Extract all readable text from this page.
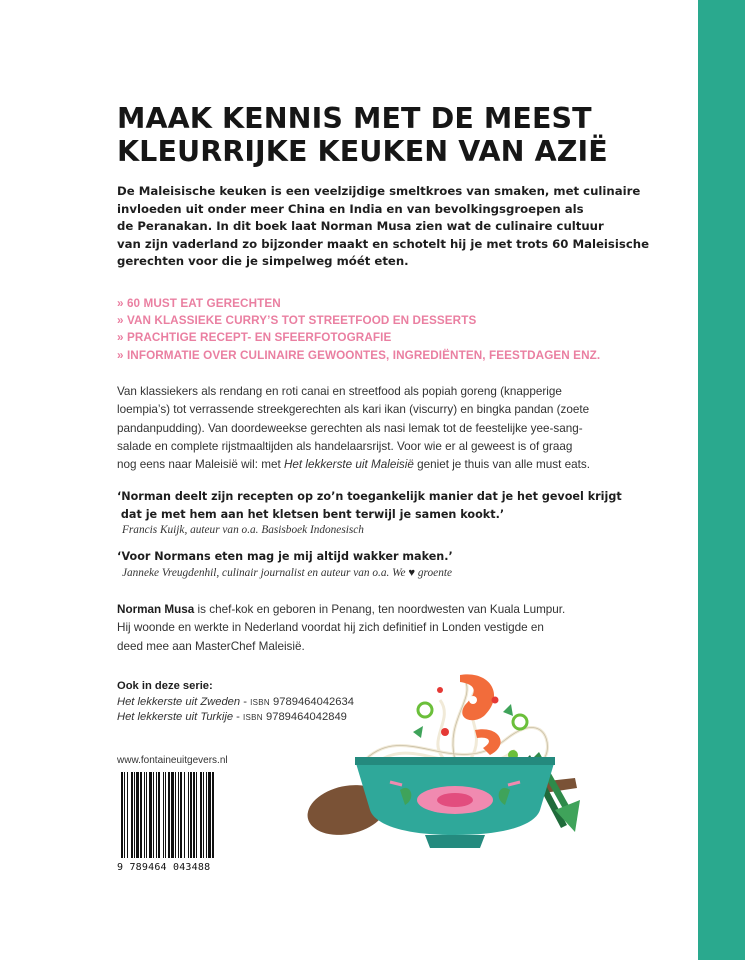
MAAK KENNIS MET DE MEEST
KLEURRIJKE KEUKEN VAN AZIË
De Maleisische keuken is een veelzijdige smeltkroes van smaken, met culinaire
invloeden uit onder meer China en India en van bevolkingsgroepen als
de Peranakan. In dit boek laat Norman Musa zien wat de culinaire cultuur
van zijn vaderland zo bijzonder maakt en schotelt hij je met trots 60 Maleisische
gerechten voor die je simpelweg móét eten.
» 60 MUST EAT GERECHTEN
» VAN KLASSIEKE CURRY’S TOT STREETFOOD EN DESSERTS
» PRACHTIGE RECEPT- EN SFEERFOTOGRAFIE
» INFORMATIE OVER CULINAIRE GEWOONTES, INGREDIËNTEN, FEESTDAGEN ENZ.
Van klassiekers als rendang en roti canai en streetfood als popiah goreng (knapperige
loempia’s) tot verrassende streekgerechten als kari ikan (viscurry) en bingka pandan (zoete
pandanpudding). Van doordeweekse gerechten als nasi lemak tot de feestelijke yee-sang-
salade en complete rijstmaaltijden als handelaarsrijst. Voor wie er al geweest is of graag
nog eens naar Maleisië wil: met Het lekkerste uit Maleisië geniet je thuis van alle must eats.
‘Norman deelt zijn recepten op zo’n toegankelijk manier dat je het gevoel krijgt
dat je met hem aan het kletsen bent terwijl je samen kookt.’
Francis Kuijk, auteur van o.a. Basisboek Indonesisch
‘Voor Normans eten mag je mij altijd wakker maken.’
Janneke Vreugdenhil, culinair journalist en auteur van o.a. We ♥ groente
Norman Musa is chef-kok en geboren in Penang, ten noordwesten van Kuala Lumpur.
Hij woonde en werkte in Nederland voordat hij zich definitief in Londen vestigde en
deed mee aan MasterChef Maleisië.
Ook in deze serie:
Het lekkerste uit Zweden - ISBN 9789464042634
Het lekkerste uit Turkije - ISBN 9789464042849
www.fontaineuitgevers.nl
9 789464 043488
